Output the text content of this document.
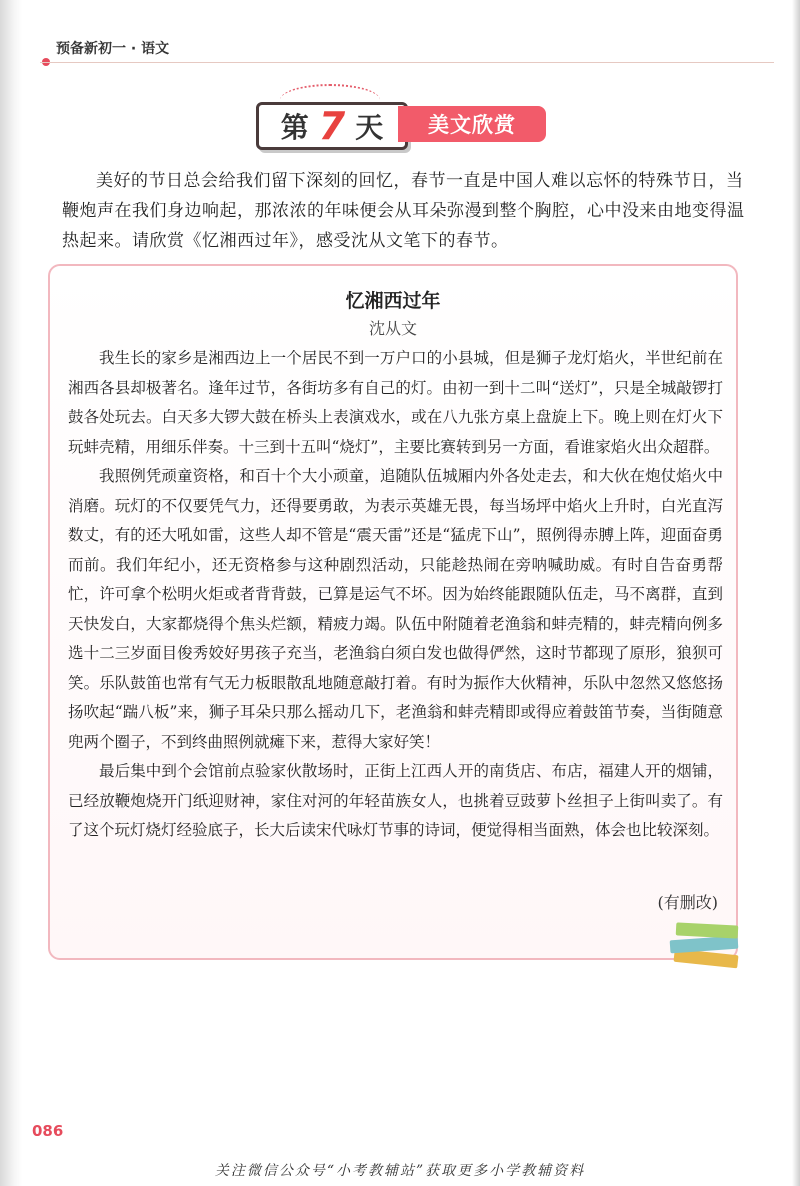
预备新初一 · 语文
第 7 天	美文欣赏
美好的节日总会给我们留下深刻的回忆，春节一直是中国人难以忘怀的特殊节日，当鞭炮声在我们身边响起，那浓浓的年味便会从耳朵弥漫到整个胸腔，心中没来由地变得温热起来。请欣赏《忆湘西过年》，感受沈从文笔下的春节。
忆湘西过年
沈从文

我生长的家乡是湘西边上一个居民不到一万户口的小县城，但是狮子龙灯焰火，半世纪前在湘西各县却极著名。逢年过节，各街坊多有自己的灯。由初一到十二叫“送灯”，只是全城敲锣打鼓各处玩去。白天多大锣大鼓在桥头上表演戏水，或在八九张方桌上盘旋上下。晚上则在灯火下玩蚌壳精，用细乐伴奏。十三到十五叫“烧灯”，主要比赛转到另一方面，看谁家焰火出众超群。

我照例凭顽童资格，和百十个大小顽童，追随队伍城厢内外各处走去，和大伙在炮仗焰火中消磨。玩灯的不仅要凭气力，还得要勇敢，为表示英雄无畏，每当场坪中焰火上升时，白光直泻数丈，有的还大吼如雷，这些人却不管是“震天雷”还是“猛虎下山”，照例得赤膊上阵，迎面奋勇而前。我们年纪小，还无资格参与这种剧烈活动，只能趁热闹在旁呐喊助威。有时自告奋勇帮忙，许可拿个松明火炬或者背背鼓，已算是运气不坏。因为始终能跟随队伍走，马不离群，直到天快发白，大家都烧得个焦头烂额，精疲力竭。队伍中附随着老渔翁和蚌壳精的，蚌壳精向例多选十二三岁面目俊秀姣好男孩子充当，老渔翁白须白发也做得俨然，这时节都现了原形，狼狈可笑。乐队鼓笛也常有气无力板眼散乱地随意敲打着。有时为振作大伙精神，乐队中忽然又悠悠扬扬吹起“踹八板”来，狮子耳朵只那么摇动几下，老渔翁和蚌壳精即或得应着鼓笛节奏，当街随意兜两个圈子，不到终曲照例就瘫下来，惹得大家好笑！

最后集中到个会馆前点验家伙散场时，正街上江西人开的南货店、布店，福建人开的烟铺，已经放鞭炮烧开门纸迎财神，家住对河的年轻苗族女人，也挑着豆豉萝卜丝担子上街叫卖了。有了这个玩灯烧灯经验底子，长大后读宋代咏灯节事的诗词，便觉得相当面熟，体会也比较深刻。

(有删改)
086
关注微信公众号“小考教辅站”获取更多小学教辅资料
